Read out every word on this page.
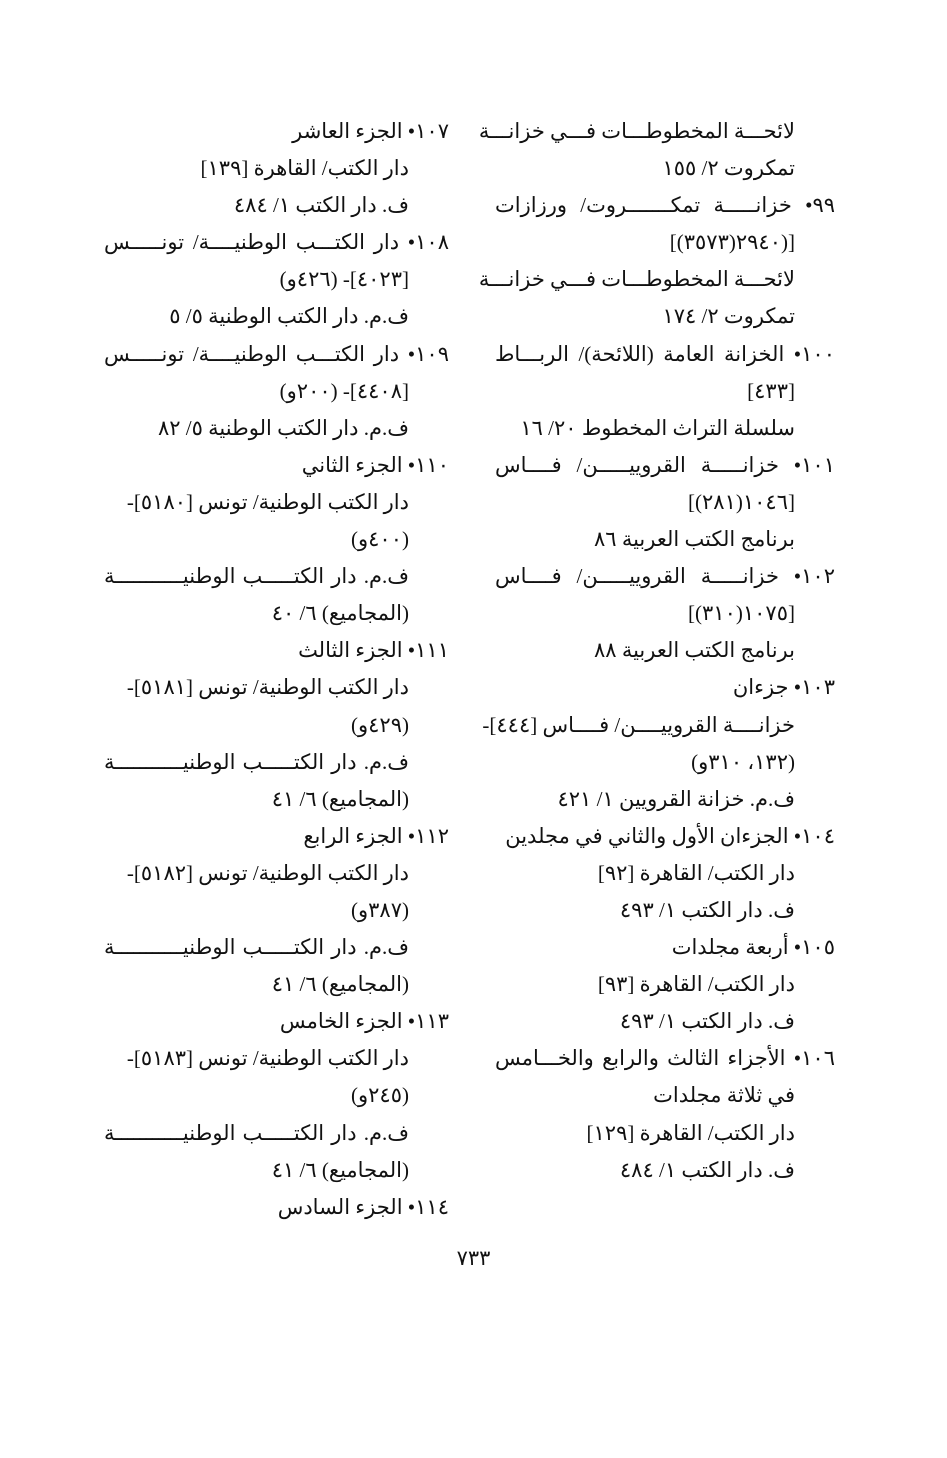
لائحـــة المخطوطـــات فـــي خزانـــة
تمكروت ٢/ ١٥٥
٩٩• خزانـــــة تمكـــــــروت/ ورزازات
[(٢٩٤٠(٣٥٧٣)]
لائحـــة المخطوطـــات فـــي خزانـــة
تمكروت ٢/ ١٧٤
١٠٠• الخزانة العامة (اللائحة)/ الربـــاط
[٤٣٣]
سلسلة التراث المخطوط ٢٠/ ١٦
١٠١• خزانـــــة القروييـــــن/ فــــاس
[١٠٤٦(٢٨١)]
برنامج الكتب العربية ٨٦
١٠٢• خزانـــــة القروييـــــن/ فــــاس
[١٠٧٥(٣١٠)]
برنامج الكتب العربية ٨٨
١٠٣• جزءان
خزانــــة القروييــــن/ فــــاس [٤٤٤]-
(١٣٢، ٣١٠و)
ف.م. خزانة القرويين ١/ ٤٢١
١٠٤• الجزءان الأول والثاني في مجلدين
دار الكتب/ القاهرة [٩٢]
ف. دار الكتب ١/ ٤٩٣
١٠٥• أربعة مجلدات
دار الكتب/ القاهرة [٩٣]
ف. دار الكتب ١/ ٤٩٣
١٠٦• الأجزاء الثالث والرابع والخـــامس
في ثلاثة مجلدات
دار الكتب/ القاهرة [١٢٩]
ف. دار الكتب ١/ ٤٨٤
١٠٧• الجزء العاشر
دار الكتب/ القاهرة [١٣٩]
ف. دار الكتب ١/ ٤٨٤
١٠٨• دار الكتـــب الوطنيــــة/ تونـــــس
[٤٠٢٣]- (٤٢٦و)
ف.م. دار الكتب الوطنية ٥/ ٥
١٠٩• دار الكتـــب الوطنيــــة/ تونـــــس
[٤٤٠٨]- (٢٠٠و)
ف.م. دار الكتب الوطنية ٥/ ٨٢
١١٠• الجزء الثاني
دار الكتب الوطنية/ تونس [٥١٨٠]-
(٤٠٠و)
ف.م. دار الكتـــــب الوطنيـــــــــــة
(المجاميع) ٦/ ٤٠
١١١• الجزء الثالث
دار الكتب الوطنية/ تونس [٥١٨١]-
(٤٢٩و)
ف.م. دار الكتـــــب الوطنيـــــــــــة
(المجاميع) ٦/ ٤١
١١٢• الجزء الرابع
دار الكتب الوطنية/ تونس [٥١٨٢]-
(٣٨٧و)
ف.م. دار الكتـــــب الوطنيـــــــــــة
(المجاميع) ٦/ ٤١
١١٣• الجزء الخامس
دار الكتب الوطنية/ تونس [٥١٨٣]-
(٢٤٥و)
ف.م. دار الكتـــــب الوطنيـــــــــــة
(المجاميع) ٦/ ٤١
١١٤• الجزء السادس
٧٣٣
